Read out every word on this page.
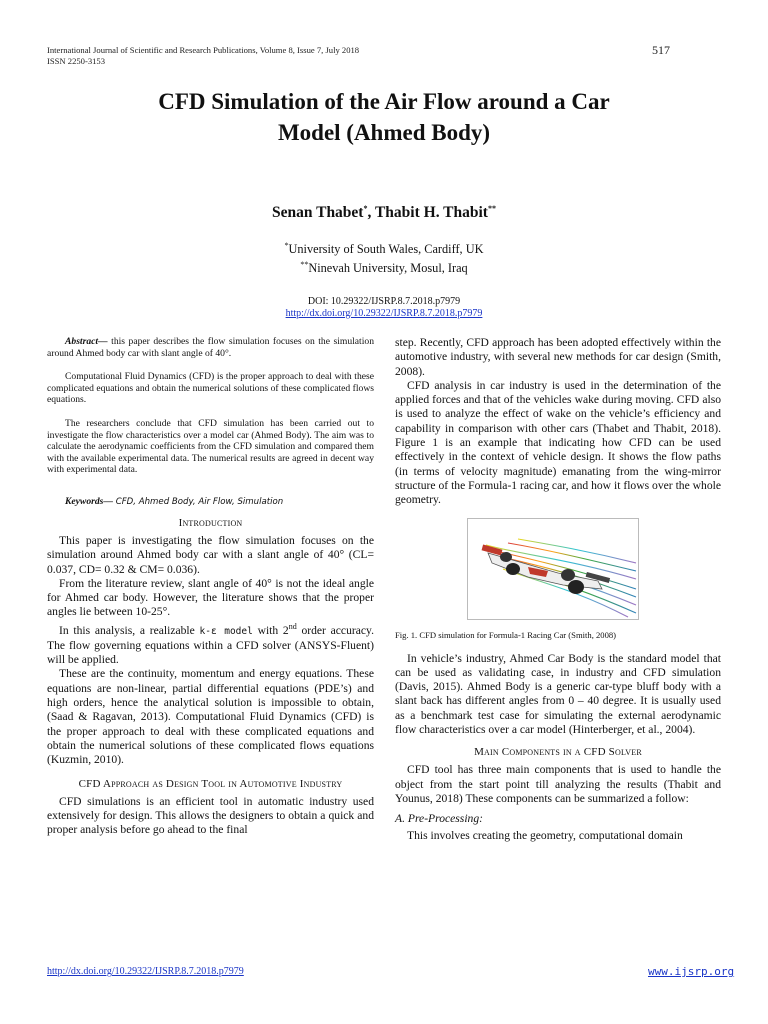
International Journal of Scientific and Research Publications, Volume 8, Issue 7, July 2018
ISSN 2250-3153
517
CFD Simulation of the Air Flow around a Car
Model (Ahmed Body)
Senan Thabet*, Thabit H. Thabit**
*University of South Wales, Cardiff, UK
**Ninevah University, Mosul, Iraq
DOI: 10.29322/IJSRP.8.7.2018.p7979
http://dx.doi.org/10.29322/IJSRP.8.7.2018.p7979

Abstract— this paper describes the flow simulation focuses on the simulation around Ahmed body car with slant angle of 40°.

Computational Fluid Dynamics (CFD) is the proper approach to deal with these complicated equations and obtain the numerical solutions of these complicated flows equations.

The researchers conclude that CFD simulation has been carried out to investigate the flow characteristics over a model car (Ahmed Body). The aim was to calculate the aerodynamic coefficients from the CFD simulation and compared them with the available experimental data. The numerical results are agreed in decent way with experimental data.

Keywords— CFD, Ahmed Body, Air Flow, Simulation
Introduction

This paper is investigating the flow simulation focuses on the simulation around Ahmed body car with a slant angle of 40° (CL= 0.037, CD= 0.32 & CM= 0.036).

From the literature review, slant angle of 40° is not the ideal angle for Ahmed car body. However, the literature shows that the proper angles lie between 10-25°.

In this analysis, a realizable k-ε model with 2nd order accuracy. The flow governing equations within a CFD solver (ANSYS-Fluent) will be applied.

These are the continuity, momentum and energy equations. These equations are non-linear, partial differential equations (PDE’s) and high orders, hence the analytical solution is impossible to obtain, (Saad & Ragavan, 2013). Computational Fluid Dynamics (CFD) is the proper approach to deal with these complicated equations and obtain the numerical solutions of these complicated flows equations (Kuzmin, 2010).

CFD Approach as Design Tool in Automotive Industry

CFD simulations is an efficient tool in automatic industry used extensively for design. This allows the designers to obtain a quick and proper analysis before go ahead to the final

step. Recently, CFD approach has been adopted effectively within the automotive industry, with several new methods for car design (Smith, 2008).

CFD analysis in car industry is used in the determination of the applied forces and that of the vehicles wake during moving. CFD also is used to analyze the effect of wake on the vehicle’s efficiency and capability in comparison with other cars (Thabet and Thabit, 2018). Figure 1 is an example that indicating how CFD can be used effectively in the context of vehicle design. It shows the flow paths (in terms of velocity magnitude) emanating from the wing-mirror structure of the Formula-1 racing car, and how it flows over the whole geometry.

Fig. 1. CFD simulation for Formula-1 Racing Car (Smith, 2008)

In vehicle’s industry, Ahmed Car Body is the standard model that can be used as validating case, in industry and CFD simulation (Davis, 2015). Ahmed Body is a generic car-type bluff body with a slant back has different angles from 0 – 40 degree. It is usually used as a benchmark test case for simulating the external aerodynamic flow characteristics over a car model (Hinterberger, et al., 2004).

Main Components in a CFD Solver

CFD tool has three main components that is used to handle the object from the start point till analyzing the results (Thabit and Younus, 2018) These components can be summarized a follow:

A. Pre-Processing:

This involves creating the geometry, computational domain

http://dx.doi.org/10.29322/IJSRP.8.7.2018.p7979	www.ijsrp.org
